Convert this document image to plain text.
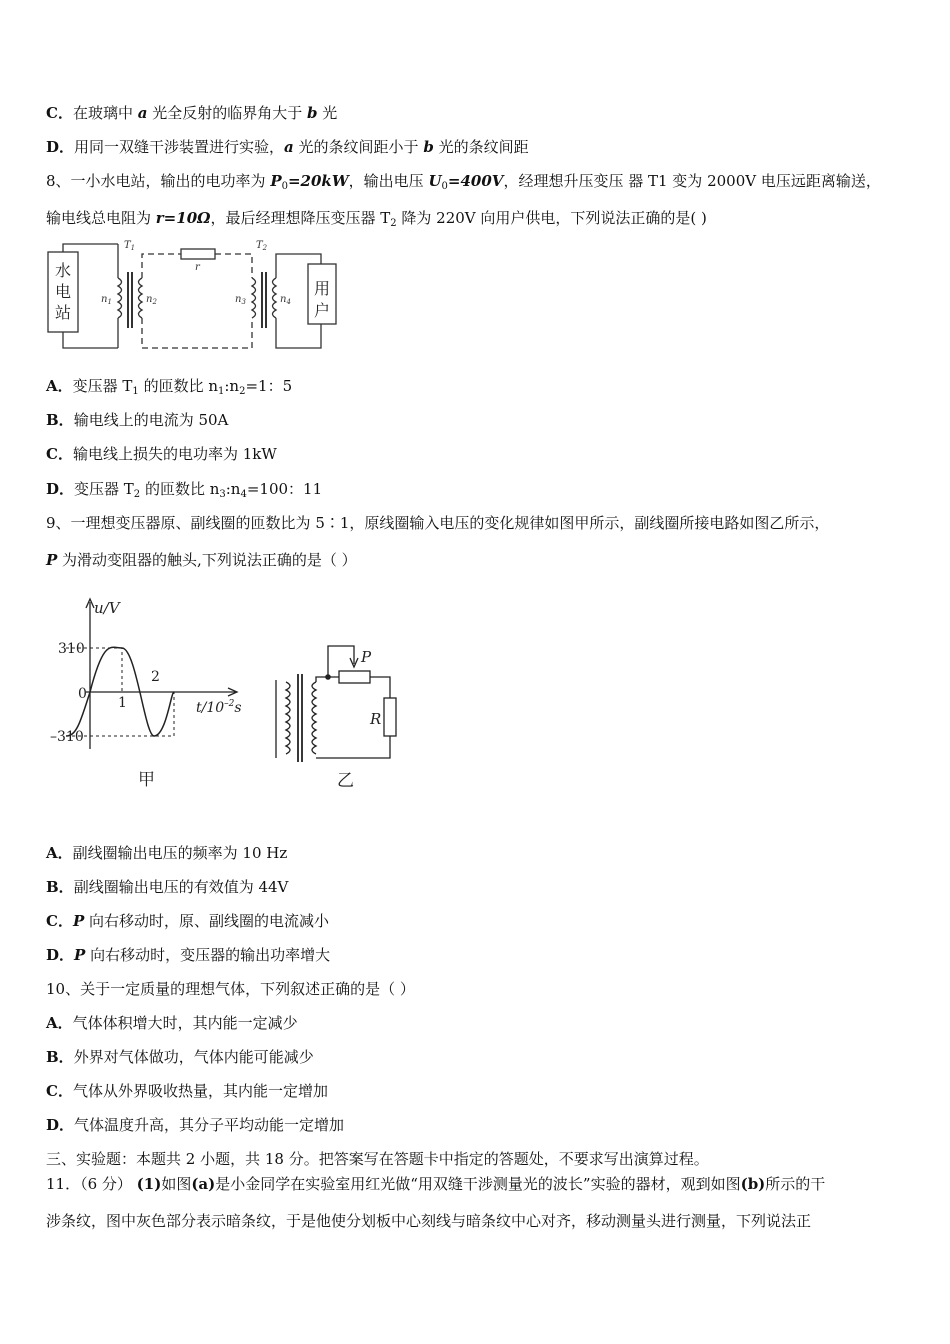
C．在玻璃中 a 光全反射的临界角大于 b 光
D．用同一双缝干涉装置进行实验，a 光的条纹间距小于 b 光的条纹间距
8、一小水电站，输出的电功率为 $P_0=20kW$，输出电压 $U_0=400V$，经理想升压变压 器 T1 变为 2000V 电压远距离输送，
输电线总电阻为 r=10Ω，最后经理想降压变压器 $T_2$ 降为 220V 向用户供电，下列说法正确的是( )
$T_1$	$T_2$
r
$n_1$	$n_2$	$n_3$	$n_4$
水
电
站
用
户
A．变压器 $T_1$ 的匝数比 $n_1:n_2=1$：5
B．输电线上的电流为 50A
C．输电线上损失的电功率为 1kW
D．变压器 $T_2$ 的匝数比 $n_3:n_4=100$：11
9、一理想变压器原、副线圈的匝数比为 5∶1，原线圈输入电压的变化规律如图甲所示，副线圈所接电路如图乙所示，
P 为滑动变阻器的触头,下列说法正确的是（ ）
u/V
310
0
–310
1
2
$t/10^{-2}s$
甲
P
R
乙
A．副线圈输出电压的频率为 10 Hz
B．副线圈输出电压的有效值为 44V
C．P 向右移动时，原、副线圈的电流减小
D．P 向右移动时，变压器的输出功率增大
10、关于一定质量的理想气体，下列叙述正确的是（ ）
A．气体体积增大时，其内能一定减少
B．外界对气体做功，气体内能可能减少
C．气体从外界吸收热量，其内能一定增加
D．气体温度升高，其分子平均动能一定增加
三、实验题：本题共 2 小题，共 18 分。把答案写在答题卡中指定的答题处，不要求写出演算过程。
11．（6 分） (1)如图(a)是小金同学在实验室用红光做“用双缝干涉测量光的波长”实验的器材，观到如图(b)所示的干
涉条纹，图中灰色部分表示暗条纹，于是他使分划板中心刻线与暗条纹中心对齐，移动测量头进行测量，下列说法正
